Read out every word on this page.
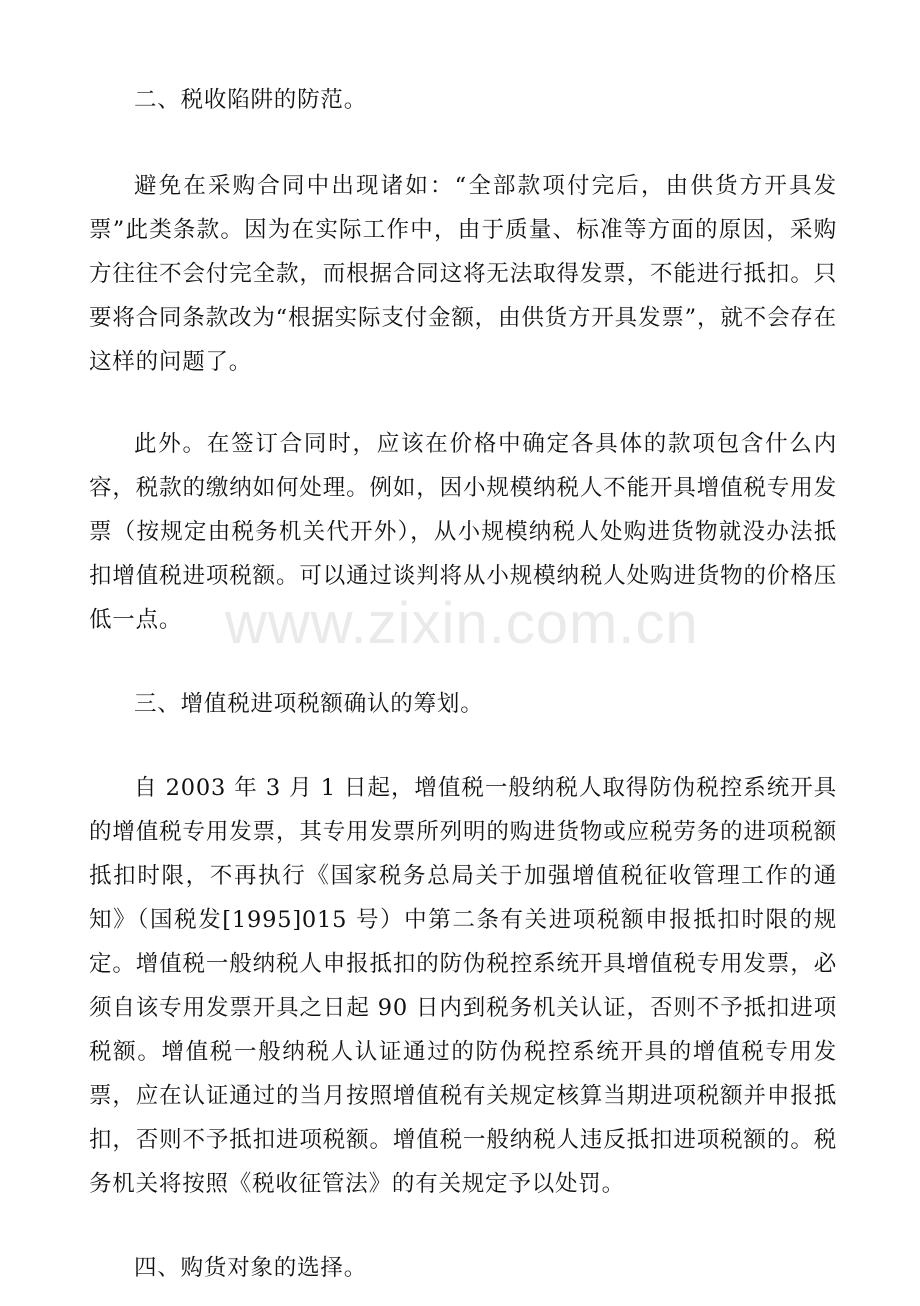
二、税收陷阱的防范。

避免在采购合同中出现诸如：“全部款项付完后，由供货方开具发票”此类条款。因为在实际工作中，由于质量、标准等方面的原因，采购方往往不会付完全款，而根据合同这将无法取得发票，不能进行抵扣。只要将合同条款改为“根据实际支付金额，由供货方开具发票”，就不会存在这样的问题了。

此外。在签订合同时，应该在价格中确定各具体的款项包含什么内容，税款的缴纳如何处理。例如，因小规模纳税人不能开具增值税专用发票（按规定由税务机关代开外），从小规模纳税人处购进货物就没办法抵扣增值税进项税额。可以通过谈判将从小规模纳税人处购进货物的价格压低一点。

三、增值税进项税额确认的筹划。

自 2003 年 3 月 1 日起，增值税一般纳税人取得防伪税控系统开具的增值税专用发票，其专用发票所列明的购进货物或应税劳务的进项税额抵扣时限，不再执行《国家税务总局关于加强增值税征收管理工作的通知》（国税发[1995]015 号）中第二条有关进项税额申报抵扣时限的规定。增值税一般纳税人申报抵扣的防伪税控系统开具增值税专用发票，必须自该专用发票开具之日起 90 日内到税务机关认证，否则不予抵扣进项税额。增值税一般纳税人认证通过的防伪税控系统开具的增值税专用发票，应在认证通过的当月按照增值税有关规定核算当期进项税额并申报抵扣，否则不予抵扣进项税额。增值税一般纳税人违反抵扣进项税额的。税务机关将按照《税收征管法》的有关规定予以处罚。

四、购货对象的选择。

www.zixin.com.cn
